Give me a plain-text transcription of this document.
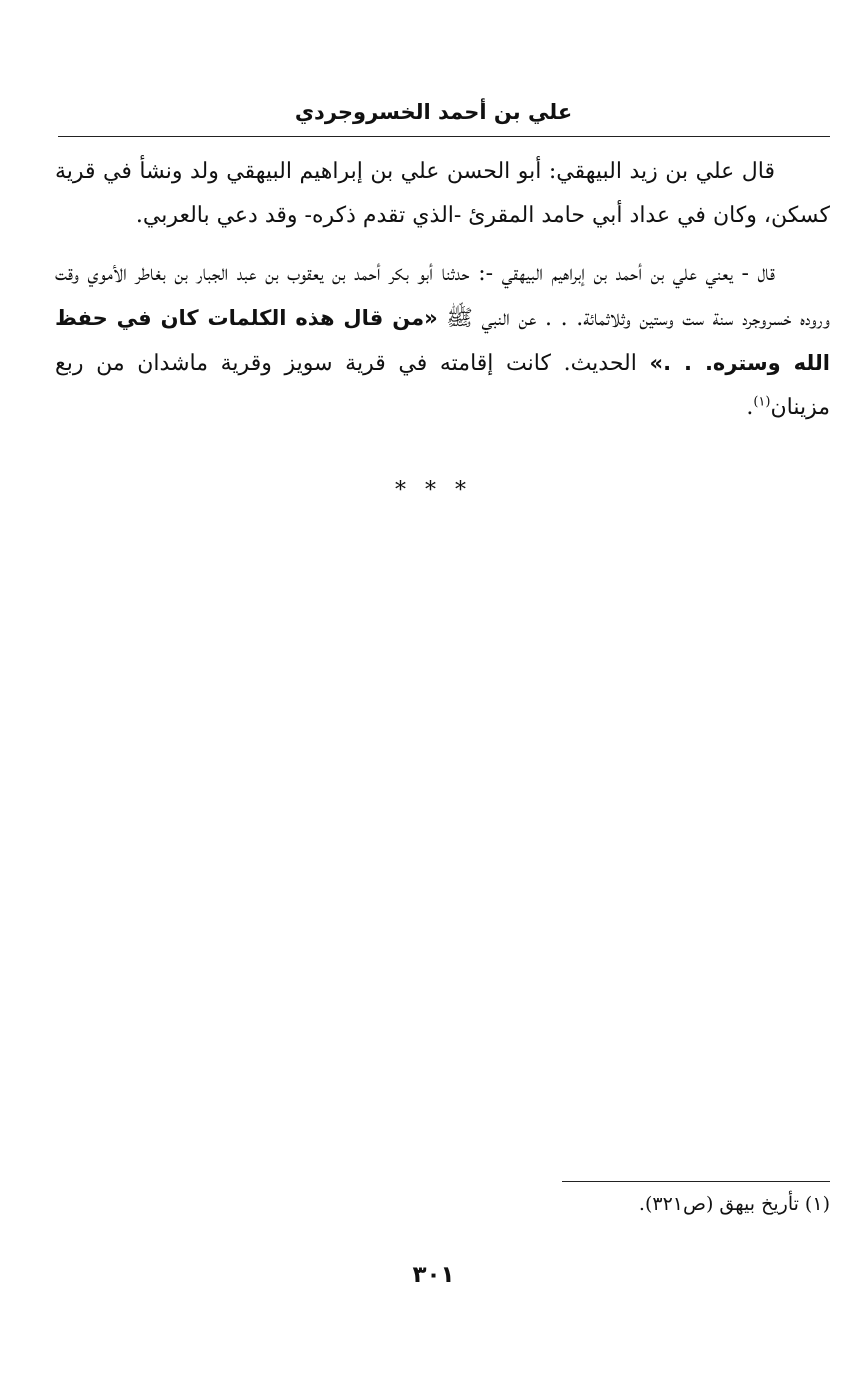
علي بن أحمد الخسروجردي

قال علي بن زيد البيهقي: أبو الحسن علي بن إبراهيم البيهقي ولد ونشأ في قرية كسكن، وكان في عداد أبي حامد المقرئ -الذي تقدم ذكره- وقد دعي بالعربي.

قال - يعني علي بن أحمد بن إبراهيم البيهقي -: حدثنا أبو بكر أحمد بن يعقوب بن عبد الجبار بن بغاطر الأموي وقت وروده خسروجرد سنة ست وستين وثلاثمائة. . . عن النبي ﷺ «من قال هذه الكلمات كان في حفظ الله وستره. . .» الحديث. كانت إقامته في قرية سويز وقرية ماشدان من ربع مزينان$^{(١)}$.

* * *
(١) تأريخ بيهق (ص٣٢١).
٣٠١
